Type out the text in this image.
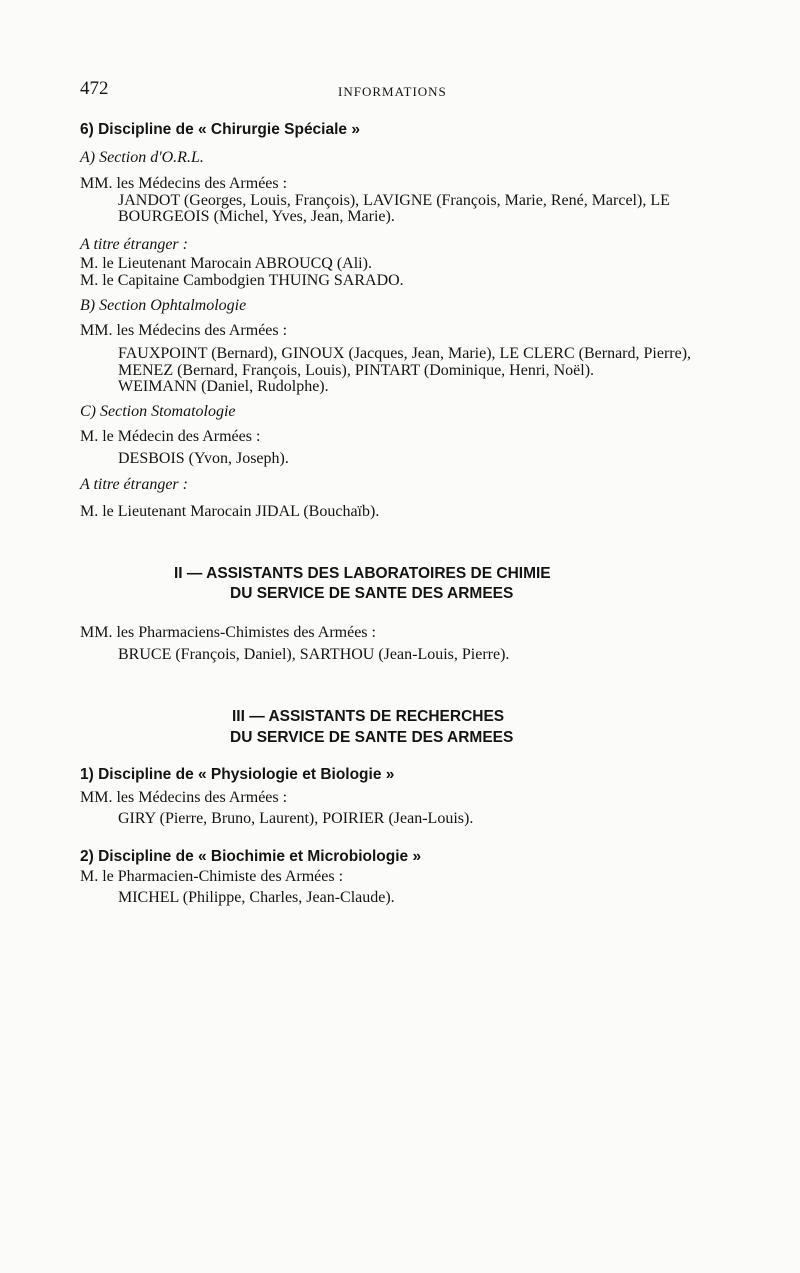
472	INFORMATIONS
6) Discipline de « Chirurgie Spéciale »
A) Section d'O.R.L.
MM. les Médecins des Armées :
JANDOT (Georges, Louis, François), LAVIGNE (François, Marie, René, Marcel), LE
BOURGEOIS (Michel, Yves, Jean, Marie).
A titre étranger :
M. le Lieutenant Marocain ABROUCQ (Ali).
M. le Capitaine Cambodgien THUING SARADO.
B) Section Ophtalmologie
MM. les Médecins des Armées :
FAUXPOINT (Bernard), GINOUX (Jacques, Jean, Marie), LE CLERC (Bernard, Pierre),
MENEZ (Bernard, François, Louis), PINTART (Dominique, Henri, Noël).
WEIMANN (Daniel, Rudolphe).
C) Section Stomatologie
M. le Médecin des Armées :
DESBOIS (Yvon, Joseph).
A titre étranger :
M. le Lieutenant Marocain JIDAL (Bouchaïb).
II — ASSISTANTS DES LABORATOIRES DE CHIMIE
DU SERVICE DE SANTE DES ARMEES
MM. les Pharmaciens-Chimistes des Armées :
BRUCE (François, Daniel), SARTHOU (Jean-Louis, Pierre).
III — ASSISTANTS DE RECHERCHES
DU SERVICE DE SANTE DES ARMEES
1) Discipline de « Physiologie et Biologie »
MM. les Médecins des Armées :
GIRY (Pierre, Bruno, Laurent), POIRIER (Jean-Louis).
2) Discipline de « Biochimie et Microbiologie »
M. le Pharmacien-Chimiste des Armées :
MICHEL (Philippe, Charles, Jean-Claude).
